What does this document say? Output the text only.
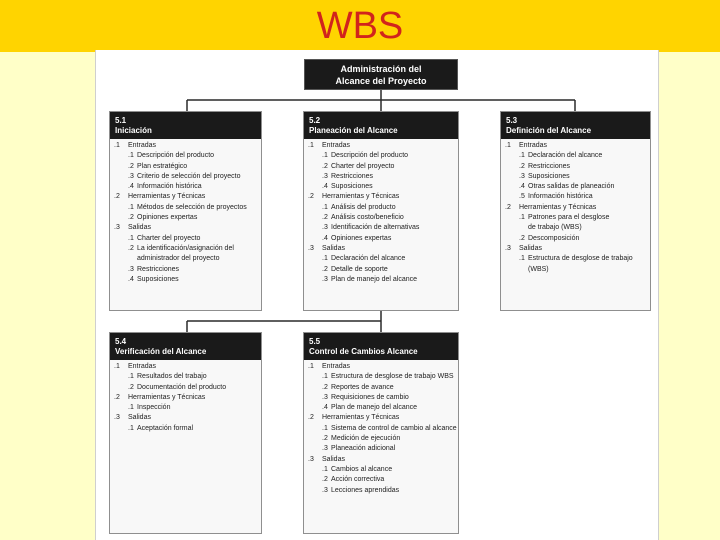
WBS
Administración del
Alcance del Proyecto
5.1
Iniciación
.1 Entradas
.1 Descripción del producto
.2 Plan estratégico
.3 Criterio de selección del proyecto
.4 Información histórica
.2 Herramientas y Técnicas
.1 Métodos de selección de proyectos
.2 Opiniones expertas
.3 Salidas
.1 Charter del proyecto
.2 La identificación/asignación del
administrador del proyecto
.3 Restricciones
.4 Suposiciones
5.2
Planeación del Alcance
.1 Entradas
.1 Descripción del producto
.2 Charter del proyecto
.3 Restricciones
.4 Suposiciones
.2 Herramientas y Técnicas
.1 Análisis del producto
.2 Análisis costo/beneficio
.3 Identificación de alternativas
.4 Opiniones expertas
.3 Salidas
.1 Declaración del alcance
.2 Detalle de soporte
.3 Plan de manejo del alcance
5.3
Definición del Alcance
.1 Entradas
.1 Declaración del alcance
.2 Restricciones
.3 Suposiciones
.4 Otras salidas de planeación
.5 Información histórica
.2 Herramientas y Técnicas
.1 Patrones para el desglose
de trabajo (WBS)
.2 Descomposición
.3 Salidas
.1 Estructura de desglose de trabajo
(WBS)
5.4
Verificación del Alcance
.1 Entradas
.1 Resultados del trabajo
.2 Documentación del producto
.2 Herramientas y Técnicas
.1 Inspección
.3 Salidas
.1 Aceptación formal
5.5
Control de Cambios Alcance
.1 Entradas
.1 Estructura de desglose de trabajo WBS
.2 Reportes de avance
.3 Requisiciones de cambio
.4 Plan de manejo del alcance
.2 Herramientas y Técnicas
.1 Sistema de control de cambio al alcance
.2 Medición de ejecución
.3 Planeación adicional
.3 Salidas
.1 Cambios al alcance
.2 Acción correctiva
.3 Lecciones aprendidas
